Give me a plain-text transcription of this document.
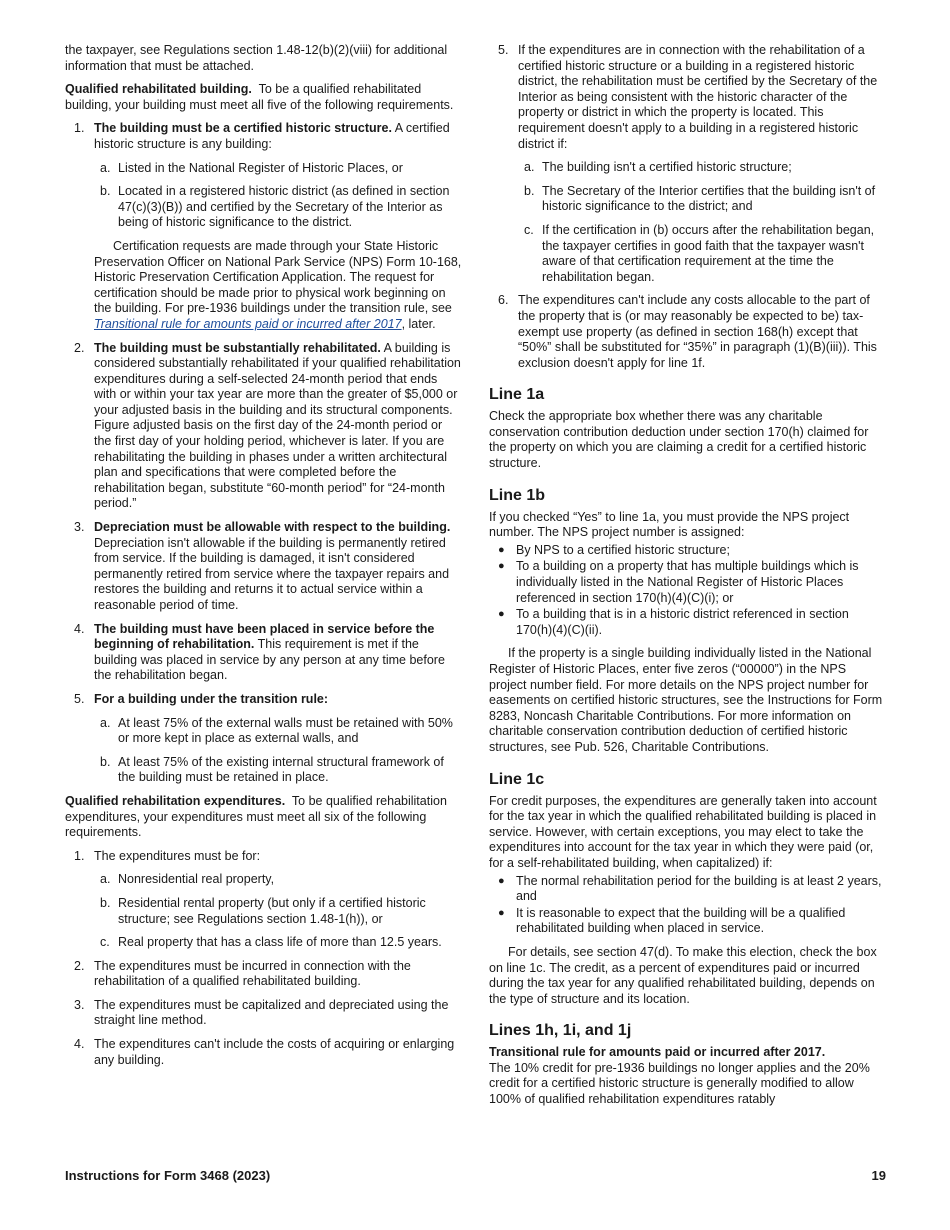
the taxpayer, see Regulations section 1.48-12(b)(2)(viii) for additional information that must be attached.

Qualified rehabilitated building. To be a qualified rehabilitated building, your building must meet all five of the following requirements.

1. The building must be a certified historic structure. A certified historic structure is any building:
a. Listed in the National Register of Historic Places, or
b. Located in a registered historic district (as defined in section 47(c)(3)(B)) and certified by the Secretary of the Interior as being of historic significance to the district.

Certification requests are made through your State Historic Preservation Officer on National Park Service (NPS) Form 10-168, Historic Preservation Certification Application. The request for certification should be made prior to physical work beginning on the building. For pre-1936 buildings under the transition rule, see Transitional rule for amounts paid or incurred after 2017, later.

2. The building must be substantially rehabilitated. A building is considered substantially rehabilitated if your qualified rehabilitation expenditures during a self-selected 24-month period that ends with or within your tax year are more than the greater of $5,000 or your adjusted basis in the building and its structural components. Figure adjusted basis on the first day of the 24-month period or the first day of your holding period, whichever is later. If you are rehabilitating the building in phases under a written architectural plan and specifications that were completed before the rehabilitation began, substitute “60-month period” for “24-month period.”
3. Depreciation must be allowable with respect to the building. Depreciation isn't allowable if the building is permanently retired from service. If the building is damaged, it isn't considered permanently retired from service where the taxpayer repairs and restores the building and returns it to actual service within a reasonable period of time.
4. The building must have been placed in service before the beginning of rehabilitation. This requirement is met if the building was placed in service by any person at any time before the rehabilitation began.
5. For a building under the transition rule:
a. At least 75% of the external walls must be retained with 50% or more kept in place as external walls, and
b. At least 75% of the existing internal structural framework of the building must be retained in place.

Qualified rehabilitation expenditures. To be qualified rehabilitation expenditures, your expenditures must meet all six of the following requirements.

1. The expenditures must be for:
a. Nonresidential real property,
b. Residential rental property (but only if a certified historic structure; see Regulations section 1.48-1(h)), or
c. Real property that has a class life of more than 12.5 years.
2. The expenditures must be incurred in connection with the rehabilitation of a qualified rehabilitated building.
3. The expenditures must be capitalized and depreciated using the straight line method.
4. The expenditures can't include the costs of acquiring or enlarging any building.
5. If the expenditures are in connection with the rehabilitation of a certified historic structure or a building in a registered historic district, the rehabilitation must be certified by the Secretary of the Interior as being consistent with the historic character of the property or district in which the property is located. This requirement doesn't apply to a building in a registered historic district if:
a. The building isn't a certified historic structure;
b. The Secretary of the Interior certifies that the building isn't of historic significance to the district; and
c. If the certification in (b) occurs after the rehabilitation began, the taxpayer certifies in good faith that the taxpayer wasn't aware of that certification requirement at the time the rehabilitation began.
6. The expenditures can't include any costs allocable to the part of the property that is (or may reasonably be expected to be) tax-exempt use property (as defined in section 168(h) except that “50%” shall be substituted for “35%” in paragraph (1)(B)(iii)). This exclusion doesn't apply for line 1f.
Line 1a

Check the appropriate box whether there was any charitable conservation contribution deduction under section 170(h) claimed for the property on which you are claiming a credit for a certified historic structure.

Line 1b

If you checked “Yes” to line 1a, you must provide the NPS project number. The NPS project number is assigned:

● By NPS to a certified historic structure;
● To a building on a property that has multiple buildings which is individually listed in the National Register of Historic Places referenced in section 170(h)(4)(C)(i); or
● To a building that is in a historic district referenced in section 170(h)(4)(C)(ii).

If the property is a single building individually listed in the National Register of Historic Places, enter five zeros (“00000”) in the NPS project number field. For more details on the NPS project number for easements on certified historic structures, see the Instructions for Form 8283, Noncash Charitable Contributions. For more information on charitable conservation contribution deduction of certified historic structures, see Pub. 526, Charitable Contributions.

Line 1c

For credit purposes, the expenditures are generally taken into account for the tax year in which the qualified rehabilitated building is placed in service. However, with certain exceptions, you may elect to take the expenditures into account for the tax year in which they were paid (or, for a self-rehabilitated building, when capitalized) if:

● The normal rehabilitation period for the building is at least 2 years, and
● It is reasonable to expect that the building will be a qualified rehabilitated building when placed in service.

For details, see section 47(d). To make this election, check the box on line 1c. The credit, as a percent of expenditures paid or incurred during the tax year for any qualified rehabilitated building, depends on the type of structure and its location.

Lines 1h, 1i, and 1j

Transitional rule for amounts paid or incurred after 2017.
The 10% credit for pre-1936 buildings no longer applies and the 20% credit for a certified historic structure is generally modified to allow 100% of qualified rehabilitation expenditures ratably

Instructions for Form 3468 (2023)	19
